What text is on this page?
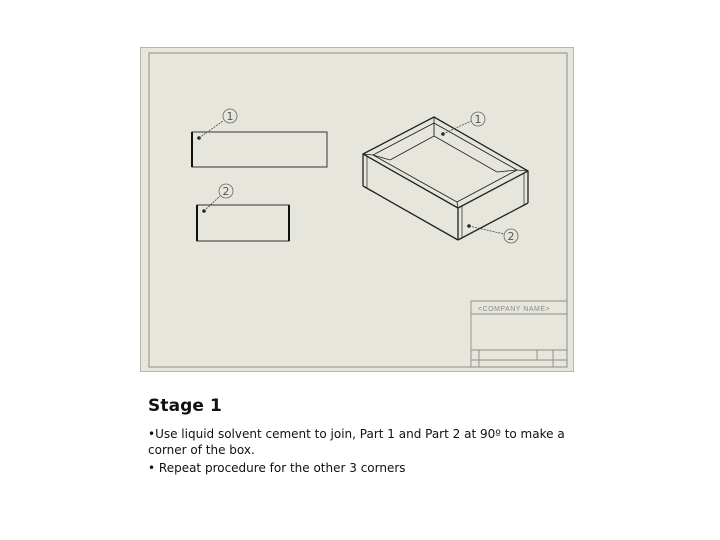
1
2
1
2
<COMPANY NAME>
Stage 1

•Use liquid solvent cement to join, Part 1 and Part 2 at 90º to make a corner of the box.

• Repeat procedure for the other 3 corners
